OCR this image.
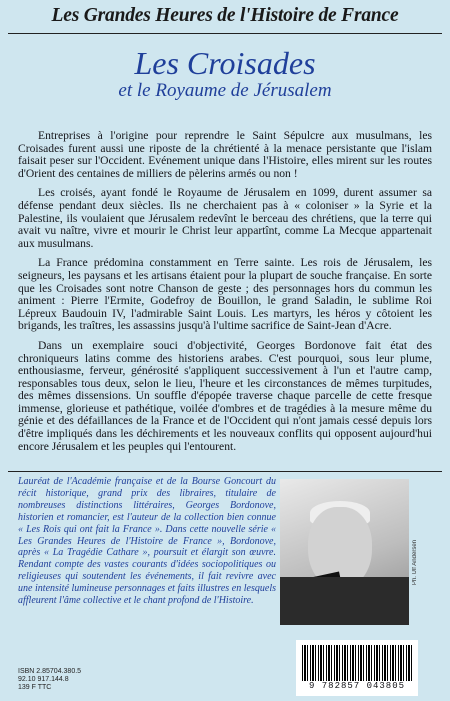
Les Grandes Heures de l'Histoire de France
Les Croisades
et le Royaume de Jérusalem

Entreprises à l'origine pour reprendre le Saint Sépulcre aux musulmans, les Croisades furent aussi une riposte de la chrétienté à la menace persistante que l'islam faisait peser sur l'Occident. Evénement unique dans l'Histoire, elles mirent sur les routes d'Orient des centaines de milliers de pèlerins armés ou non !

Les croisés, ayant fondé le Royaume de Jérusalem en 1099, durent assumer sa défense pendant deux siècles. Ils ne cherchaient pas à « coloniser » la Syrie et la Palestine, ils voulaient que Jérusalem redevînt le berceau des chrétiens, que la terre qui avait vu naître, vivre et mourir le Christ leur appartînt, comme La Mecque appartenait aux musulmans.

La France prédomina constamment en Terre sainte. Les rois de Jérusalem, les seigneurs, les paysans et les artisans étaient pour la plupart de souche française. En sorte que les Croisades sont notre Chanson de geste ; des personnages hors du commun les animent : Pierre l'Ermite, Godefroy de Bouillon, le grand Saladin, le sublime Roi Lépreux Baudouin IV, l'admirable Saint Louis. Les martyrs, les héros y côtoient les brigands, les traîtres, les assassins jusqu'à l'ultime sacrifice de Saint-Jean d'Acre.

Dans un exemplaire souci d'objectivité, Georges Bordonove fait état des chroniqueurs latins comme des historiens arabes. C'est pourquoi, sous leur plume, enthousiasme, ferveur, générosité s'appliquent successivement à l'un et l'autre camp, responsables tous deux, selon le lieu, l'heure et les circonstances de mêmes turpitudes, des mêmes dissensions. Un souffle d'épopée traverse chaque parcelle de cette fresque immense, glorieuse et pathétique, voilée d'ombres et de tragédies à la mesure même du génie et des défaillances de la France et de l'Occident qui n'ont jamais cessé depuis lors d'être impliqués dans les déchirements et les nouveaux conflits qui opposent aujourd'hui encore Jérusalem et les peuples qui l'entourent.

Lauréat de l'Académie française et de la Bourse Goncourt du récit historique, grand prix des libraires, titulaire de nombreuses distinctions littéraires, Georges Bordonove, historien et romancier, est l'auteur de la collection bien connue « Les Rois qui ont fait la France ». Dans cette nouvelle série « Les Grandes Heures de l'Histoire de France », Bordonove, après « La Tragédie Cathare », poursuit et élargit son œuvre. Rendant compte des vastes courants d'idées sociopolitiques ou religieuses qui soutendent les événements, il fait revivre avec une intensité lumineuse personnages et faits illustres en lesquels affleurent l'âme collective et le chant profond de l'Histoire.
Ph. Ulf Andersen
ISBN 2.85704.380.5
92.10 917.144.8
139 F TTC	9 782857 043805
